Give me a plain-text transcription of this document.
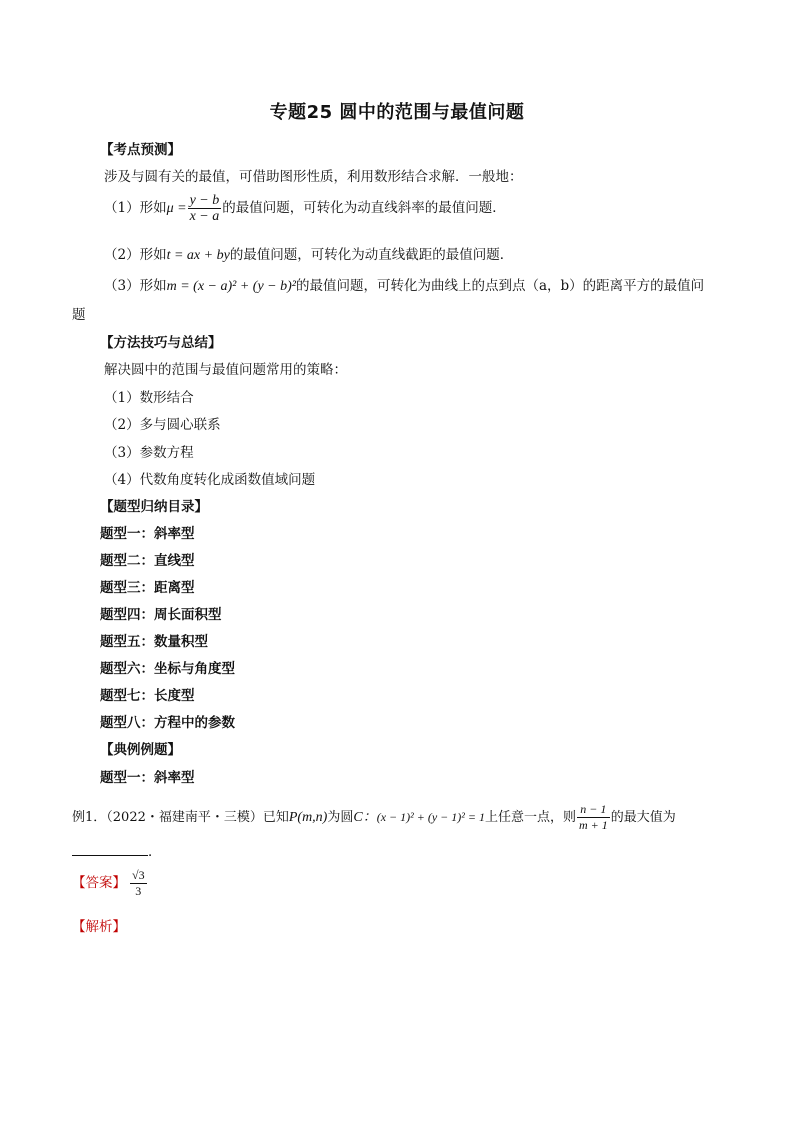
专题25 圆中的范围与最值问题
【考点预测】
涉及与圆有关的最值，可借助图形性质，利用数形结合求解．一般地：
（1）形如$\mu = \frac{y - b}{x - a}$ 的最值问题，可转化为动直线斜率的最值问题．
（2）形如t = ax + by的最值问题，可转化为动直线截距的最值问题．
（3）形如m = (x − a)² + (y − b)²的最值问题，可转化为曲线上的点到点（a，b）的距离平方的最值问
题
【方法技巧与总结】
解决圆中的范围与最值问题常用的策略：
（1）数形结合
（2）多与圆心联系
（3）参数方程
（4）代数角度转化成函数值域问题
【题型归纳目录】
题型一：斜率型
题型二：直线型
题型三：距离型
题型四：周长面积型
题型五：数量积型
题型六：坐标与角度型
题型七：长度型
题型八：方程中的参数
【典例例题】
题型一：斜率型
例1．（2022・福建南平・三模）已知P(m,n)为圆C：(x − 1)² + (y − 1)² = 1上任意一点，则 $\frac{n - 1}{m + 1}$ 的最大值为
．
【答案】 $\frac{√3}{3}$
【解析】
